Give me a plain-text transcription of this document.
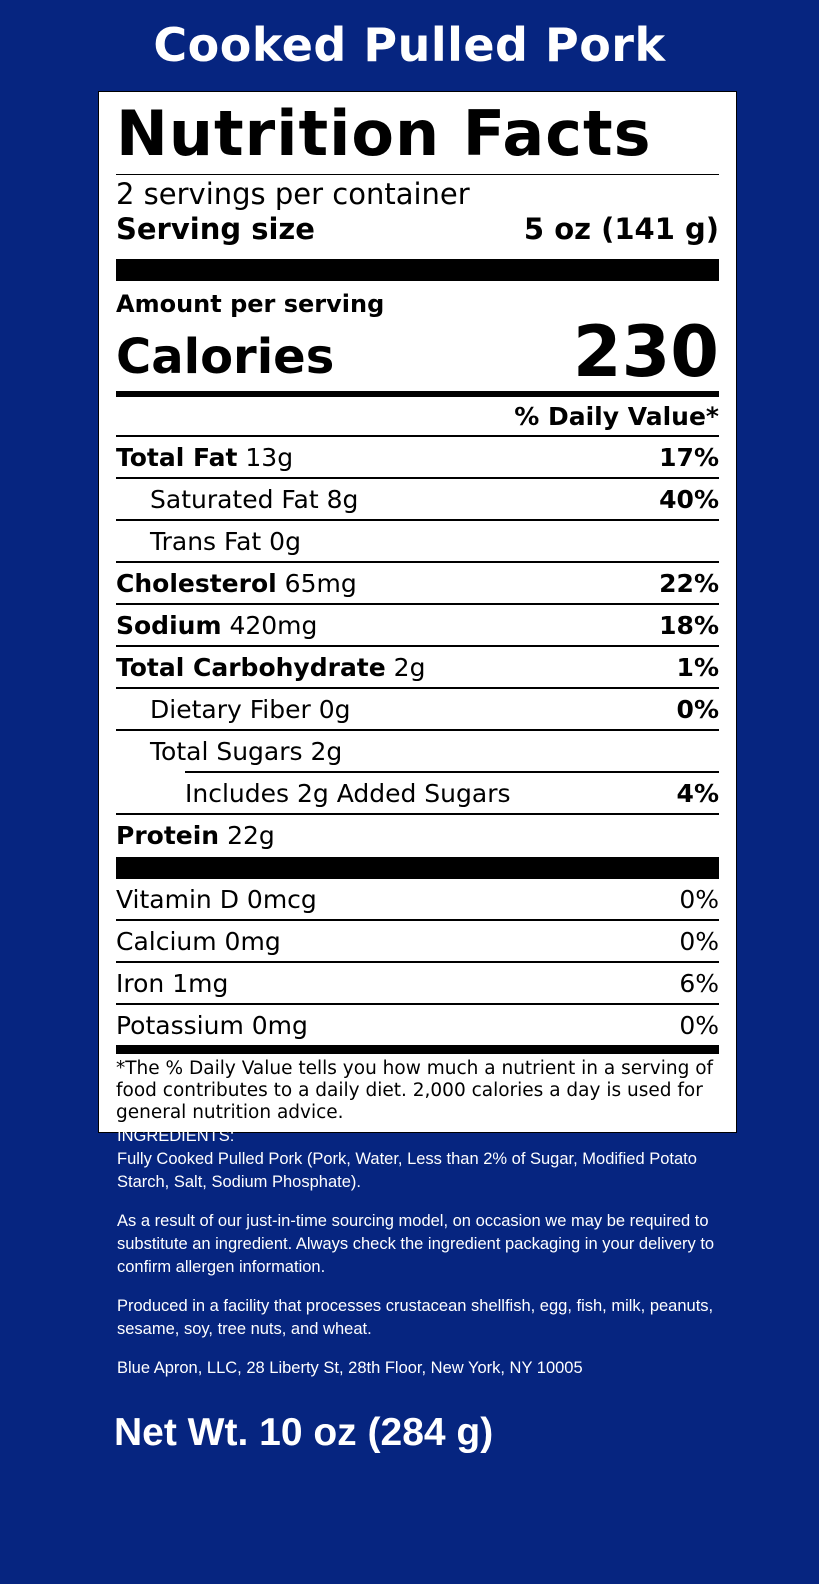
Cooked Pulled Pork
Nutrition Facts
2 servings per container
Serving size	5 oz (141 g)
Amount per serving
Calories	230
% Daily Value*
Total Fat 13g	17%
Saturated Fat 8g	40%
Trans Fat 0g
Cholesterol 65mg	22%
Sodium 420mg	18%
Total Carbohydrate 2g	1%
Dietary Fiber 0g	0%
Total Sugars 2g
Includes 2g Added Sugars	4%
Protein 22g
Vitamin D 0mcg	0%
Calcium 0mg	0%
Iron 1mg	6%
Potassium 0mg	0%
*The % Daily Value tells you how much a nutrient in a serving of food contributes to a daily diet. 2,000 calories a day is used for general nutrition advice.
INGREDIENTS:
Fully Cooked Pulled Pork (Pork, Water, Less than 2% of Sugar, Modified Potato Starch, Salt, Sodium Phosphate).
As a result of our just-in-time sourcing model, on occasion we may be required to substitute an ingredient. Always check the ingredient packaging in your delivery to confirm allergen information.
Produced in a facility that processes crustacean shellfish, egg, fish, milk, peanuts, sesame, soy, tree nuts, and wheat.
Blue Apron, LLC, 28 Liberty St, 28th Floor, New York, NY 10005
Net Wt. 10 oz (284 g)
